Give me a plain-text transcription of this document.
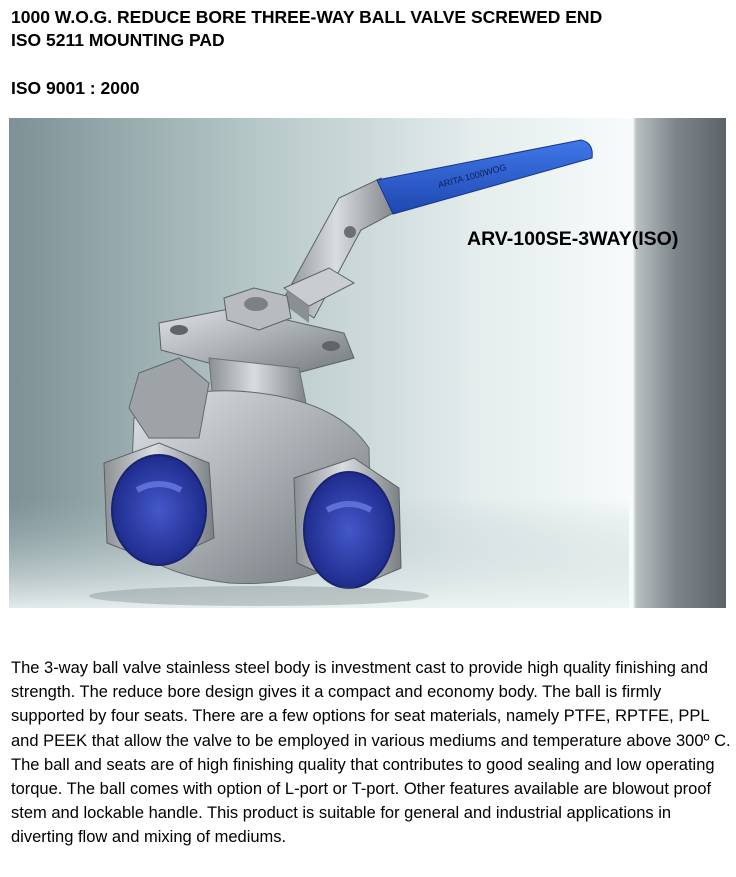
1000 W.O.G. REDUCE BORE THREE-WAY BALL VALVE SCREWED END
ISO 5211 MOUNTING PAD
ISO 9001 : 2000
ARITA 1000WOG
ARV-100SE-3WAY(ISO)

The 3-way ball valve stainless steel body is investment cast to provide high quality finishing and strength. The reduce bore design gives it a compact and economy body. The ball is firmly supported by four seats. There are a few options for seat materials, namely PTFE, RPTFE, PPL and PEEK that allow the valve to be employed in various mediums and temperature above 300º C. The ball and seats are of high finishing quality that contributes to good sealing and low operating torque. The ball comes with option of L-port or T-port. Other features available are blowout proof stem and lockable handle. This product is suitable for general and industrial applications in diverting flow and mixing of mediums.
